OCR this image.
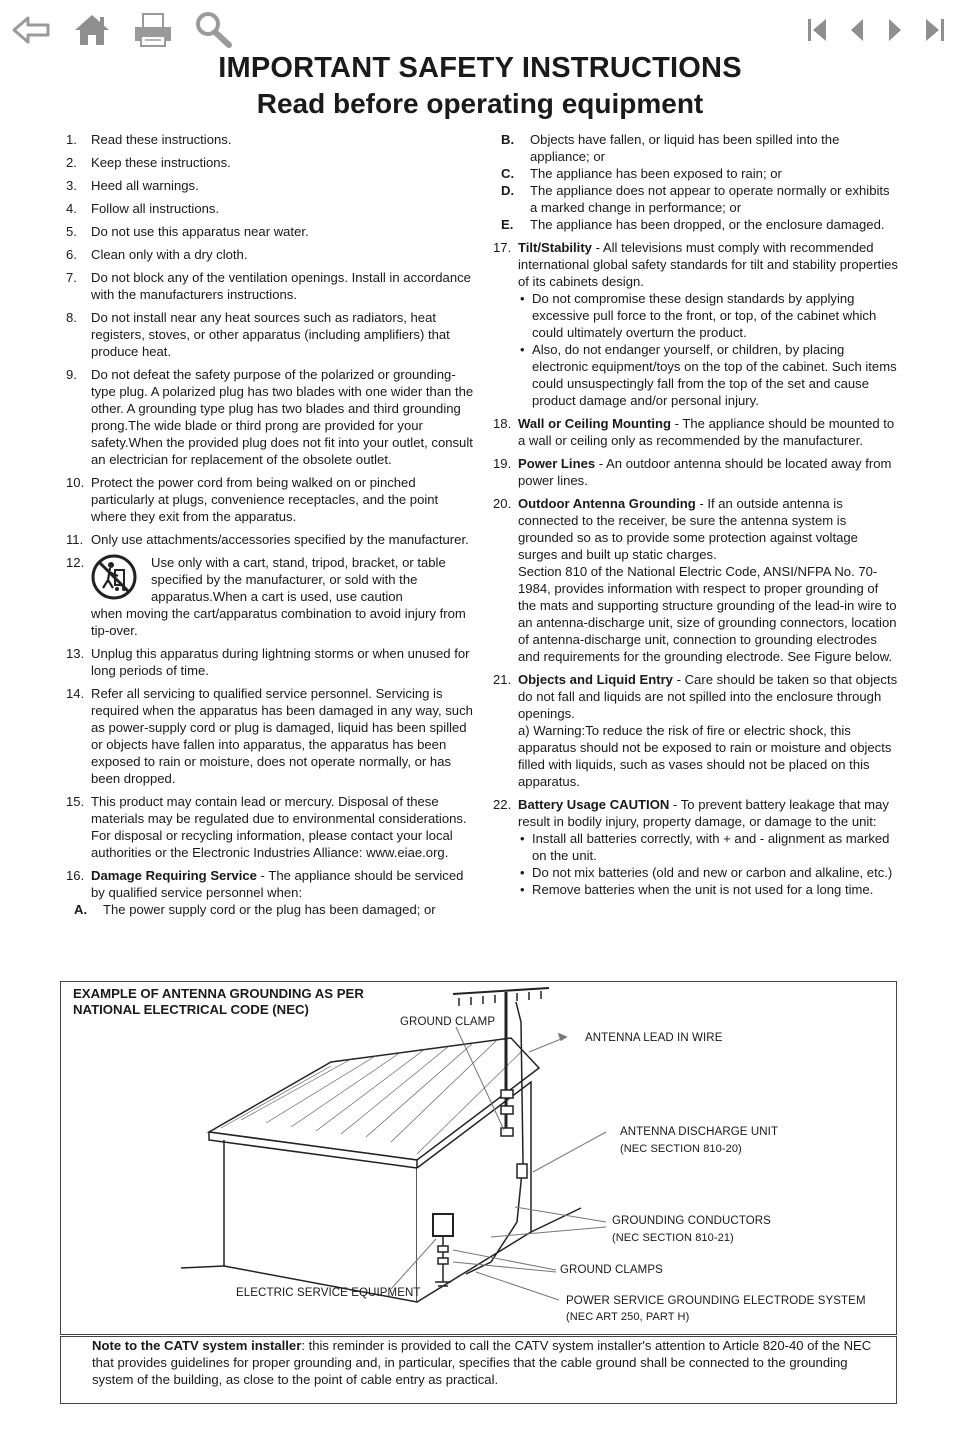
IMPORTANT SAFETY INSTRUCTIONS
Read before operating equipment
1.	Read these instructions.
2.	Keep these instructions.
3.	Heed all warnings.
4.	Follow all instructions.
5.	Do not use this apparatus near water.
6.	Clean only with a dry cloth.
7.	Do not block any of the ventilation openings. Install in accordance with the manufacturers instructions.
8.	Do not install near any heat sources such as radiators, heat registers, stoves, or other apparatus (including amplifiers) that produce heat.
9.	Do not defeat the safety purpose of the polarized or grounding-type plug. A polarized plug has two blades with one wider than the other. A grounding type plug has two blades and third grounding prong.The wide blade or third prong are provided for your safety.When the provided plug does not fit into your outlet, consult an electrician for replacement of the obsolete outlet.
10. Protect the power cord from being walked on or pinched particularly at plugs, convenience receptacles, and the point where they exit from the apparatus.
11. Only use attachments/accessories specified by the manufacturer.
12.	Use only with a cart, stand, tripod, bracket, or table specified by the manufacturer, or sold with the apparatus.When a cart is used, use caution
when moving the cart/apparatus combination to avoid injury from tip-over.
13. Unplug this apparatus during lightning storms or when unused for long periods of time.
14. Refer all servicing to qualified service personnel. Servicing is required when the apparatus has been damaged in any way, such as power-supply cord or plug is damaged, liquid has been spilled or objects have fallen into apparatus, the apparatus has been exposed to rain or moisture, does not operate normally, or has been dropped.
15. This product may contain lead or mercury. Disposal of these materials may be regulated due to environmental considerations. For disposal or recycling information, please contact your local authorities or the Electronic Industries Alliance: www.eiae.org.
16. Damage Requiring Service - The appliance should be serviced by qualified service personnel when:
A.	The power supply cord or the plug has been damaged; or
B.	Objects have fallen, or liquid has been spilled into the appliance; or
C.	The appliance has been exposed to rain; or
D.	The appliance does not appear to operate normally or exhibits a marked change in performance; or
E.	The appliance has been dropped, or the enclosure damaged.
17. Tilt/Stability - All televisions must comply with recommended international global safety standards for tilt and stability properties of its cabinets design.
• Do not compromise these design standards by applying excessive pull force to the front, or top, of the cabinet which could ultimately overturn the product.
• Also, do not endanger yourself, or children, by placing electronic equipment/toys on the top of the cabinet. Such items could unsuspectingly fall from the top of the set and cause product damage and/or personal injury.
18. Wall or Ceiling Mounting - The appliance should be mounted to a wall or ceiling only as recommended by the manufacturer.
19. Power Lines - An outdoor antenna should be located away from power lines.
20. Outdoor Antenna Grounding - If an outside antenna is connected to the receiver, be sure the antenna system is grounded so as to provide some protection against voltage surges and built up static charges.
Section 810 of the National Electric Code, ANSI/NFPA No. 70-1984, provides information with respect to proper grounding of the mats and supporting structure grounding of the lead-in wire to an antenna-discharge unit, size of grounding connectors, location of antenna-discharge unit, connection to grounding electrodes and requirements for the grounding electrode. See Figure below.
21. Objects and Liquid Entry - Care should be taken so that objects do not fall and liquids are not spilled into the enclosure through openings.
a) Warning:To reduce the risk of fire or electric shock, this apparatus should not be exposed to rain or moisture and objects filled with liquids, such as vases should not be placed on this apparatus.
22. Battery Usage CAUTION - To prevent battery leakage that may result in bodily injury, property damage, or damage to the unit:
• Install all batteries correctly, with + and - alignment as marked on the unit.
• Do not mix batteries (old and new or carbon and alkaline, etc.)
• Remove batteries when the unit is not used for a long time.
EXAMPLE OF ANTENNA GROUNDING AS PER
NATIONAL ELECTRICAL CODE (NEC)
GROUND CLAMP
ANTENNA LEAD IN WIRE
ANTENNA DISCHARGE UNIT
(NEC SECTION 810-20)
GROUNDING CONDUCTORS
(NEC SECTION 810-21)
GROUND CLAMPS
ELECTRIC SERVICE EQUIPMENT
POWER SERVICE GROUNDING ELECTRODE SYSTEM
(NEC ART 250, PART H)
Note to the CATV system installer: this reminder is provided to call the CATV system installer's attention to Article 820-40 of the NEC that provides guidelines for proper grounding and, in particular, specifies that the cable ground shall be connected to the grounding system of the building, as close to the point of cable entry as practical.
